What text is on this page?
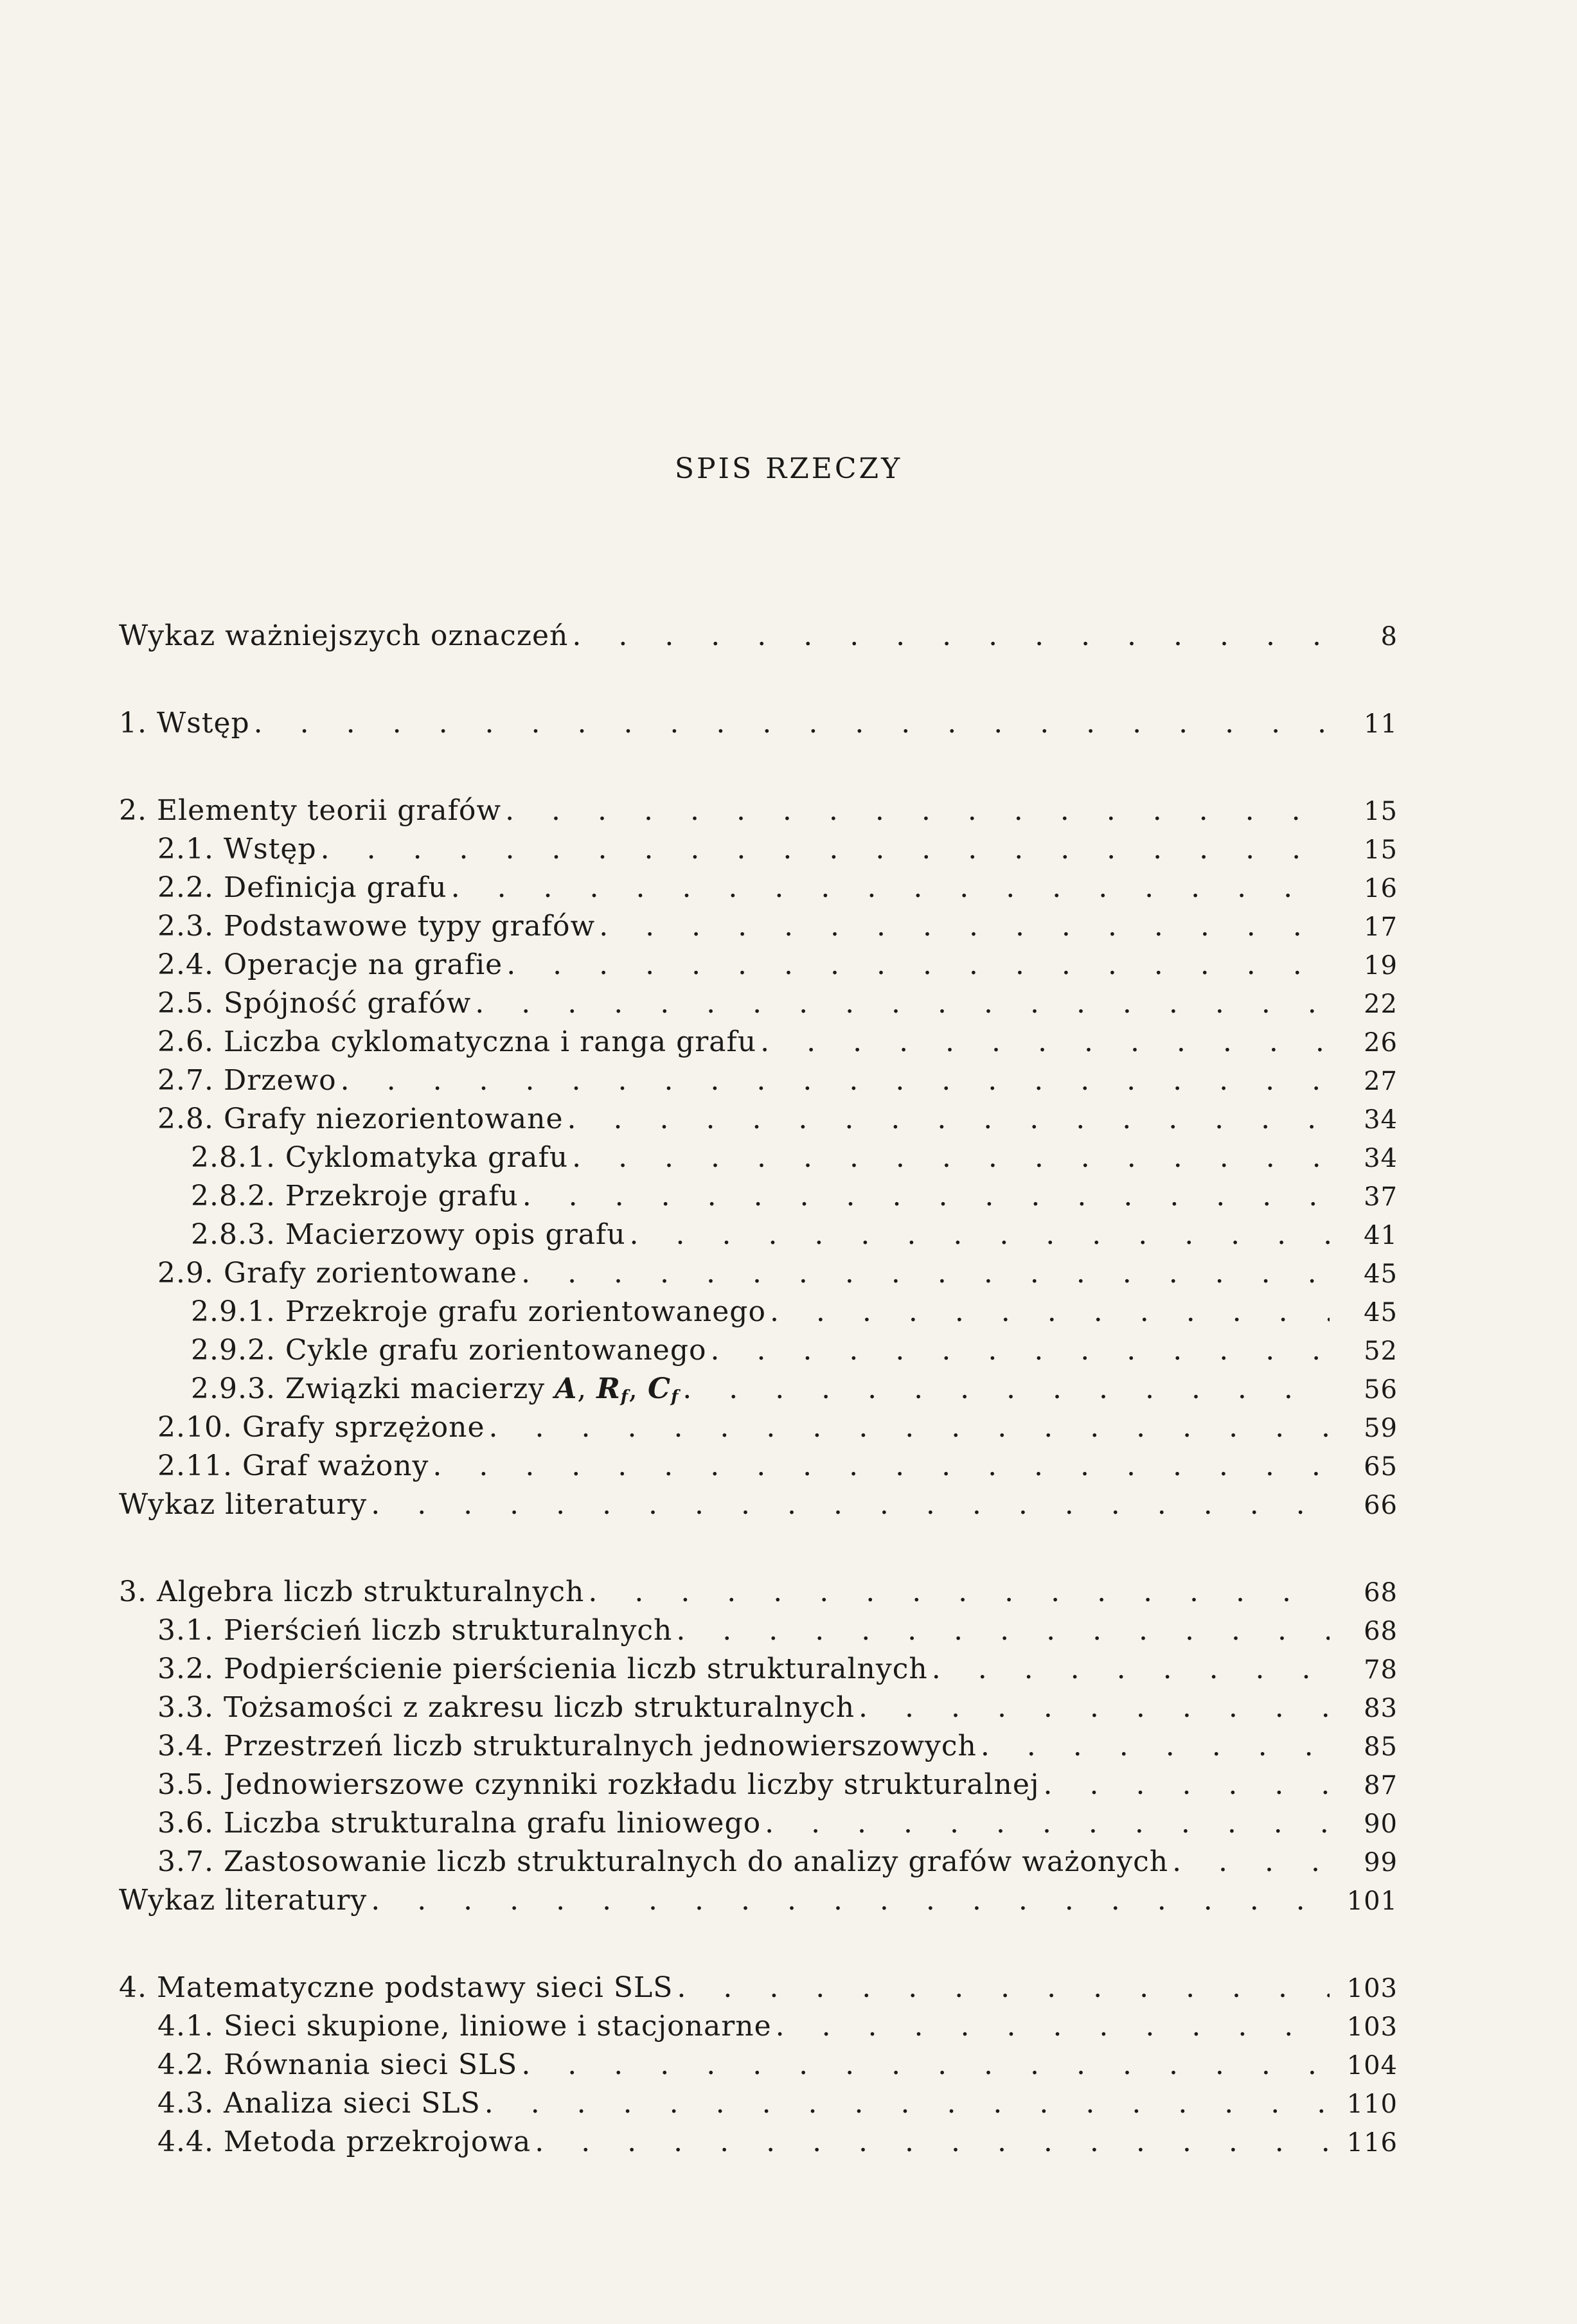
SPIS RZECZY
Wykaz ważniejszych oznaczeń . . .	8
1. Wstęp . . .	11
2. Elementy teorii grafów . . .	15
2.1. Wstęp . . .	15
2.2. Definicja grafu . . .	16
2.3. Podstawowe typy grafów . . .	17
2.4. Operacje na grafie . . .	19
2.5. Spójność grafów . . .	22
2.6. Liczba cyklomatyczna i ranga grafu . . .	26
2.7. Drzewo . . .	27
2.8. Grafy niezorientowane . . .	34
2.8.1. Cyklomatyka grafu . . .	34
2.8.2. Przekroje grafu . . .	37
2.8.3. Macierzowy opis grafu . . .	41
2.9. Grafy zorientowane . . .	45
2.9.1. Przekroje grafu zorientowanego . . .	45
2.9.2. Cykle grafu zorientowanego . . .	52
2.9.3. Związki macierzy A, $R_f$, $C_f$ . . .	56
2.10. Grafy sprzężone . . .	59
2.11. Graf ważony . . .	65
Wykaz literatury . . .	66
3. Algebra liczb strukturalnych . . .	68
3.1. Pierścień liczb strukturalnych . . .	68
3.2. Podpierścienie pierścienia liczb strukturalnych . . .	78
3.3. Tożsamości z zakresu liczb strukturalnych . . .	83
3.4. Przestrzeń liczb strukturalnych jednowierszowych . . .	85
3.5. Jednowierszowe czynniki rozkładu liczby strukturalnej . . .	87
3.6. Liczba strukturalna grafu liniowego . . .	90
3.7. Zastosowanie liczb strukturalnych do analizy grafów ważonych . . .	99
Wykaz literatury . . .	101
4. Matematyczne podstawy sieci SLS . . .	103
4.1. Sieci skupione, liniowe i stacjonarne . . .	103
4.2. Równania sieci SLS . . .	104
4.3. Analiza sieci SLS . . .	110
4.4. Metoda przekrojowa . . .	116
